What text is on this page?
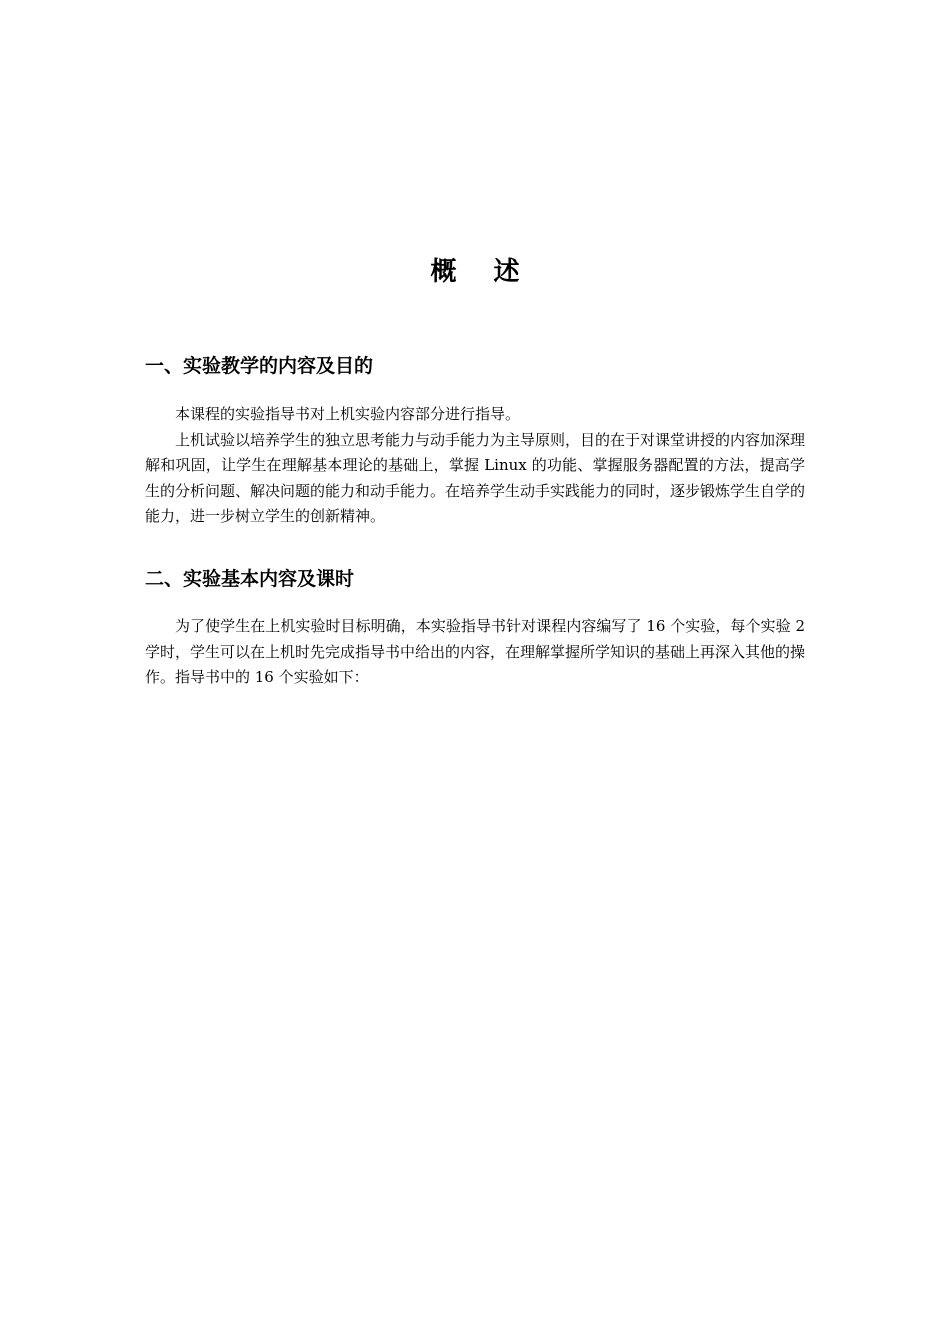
概 述
一、实验教学的内容及目的

本课程的实验指导书对上机实验内容部分进行指导。

上机试验以培养学生的独立思考能力与动手能力为主导原则，目的在于对课堂讲授的内容加深理解和巩固，让学生在理解基本理论的基础上，掌握 Linux 的功能、掌握服务器配置的方法，提高学生的分析问题、解决问题的能力和动手能力。在培养学生动手实践能力的同时，逐步锻炼学生自学的能力，进一步树立学生的创新精神。

二、实验基本内容及课时

为了使学生在上机实验时目标明确，本实验指导书针对课程内容编写了 16 个实验，每个实验 2 学时，学生可以在上机时先完成指导书中给出的内容，在理解掌握所学知识的基础上再深入其他的操作。指导书中的 16 个实验如下：
